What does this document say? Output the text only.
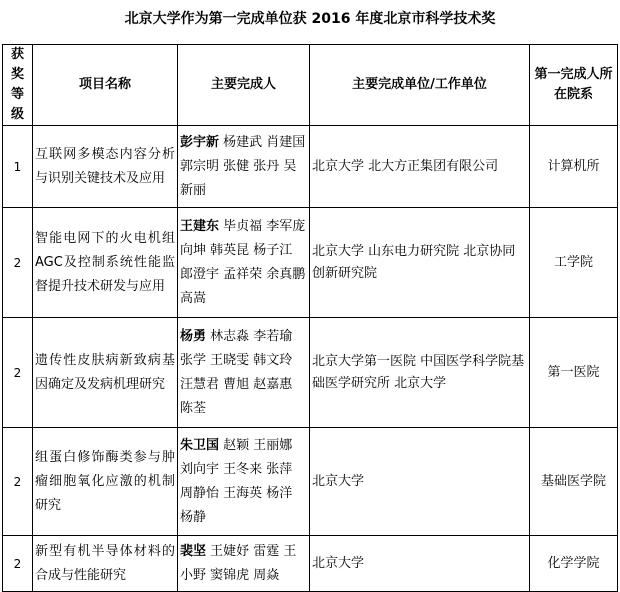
北京大学作为第一完成单位获 2016 年度北京市科学技术奖
获奖等级	项目名称	主要完成人	主要完成单位/工作单位	第一完成人所在院系
1	互联网多模态内容分析与识别关键技术及应用	彭宇新 杨建武 肖建国 郭宗明 张健 张丹 吴新丽	北京大学 北大方正集团有限公司	计算机所
2	智能电网下的火电机组AGC及控制系统性能监督提升技术研发与应用	王建东 毕贞福 李军庞向坤 韩英昆 杨子江 郎澄宇 孟祥荣 余真鹏 高嵩	北京大学 山东电力研究院 北京协同创新研究院	工学院
2	遗传性皮肤病新致病基因确定及发病机理研究	杨勇 林志淼 李若瑜 张学 王晓雯 韩文玲 汪慧君 曹旭 赵嘉惠 陈荃	北京大学第一医院 中国医学科学院基础医学研究所 北京大学	第一医院
2	组蛋白修饰酶类参与肿瘤细胞氧化应激的机制研究	朱卫国 赵颖 王丽娜 刘向宇 王冬来 张萍 周静怡 王海英 杨洋 杨静	北京大学	基础医学院
2	新型有机半导体材料的合成与性能研究	裴坚 王婕妤 雷霆 王小野 窦锦虎 周焱	北京大学	化学学院
